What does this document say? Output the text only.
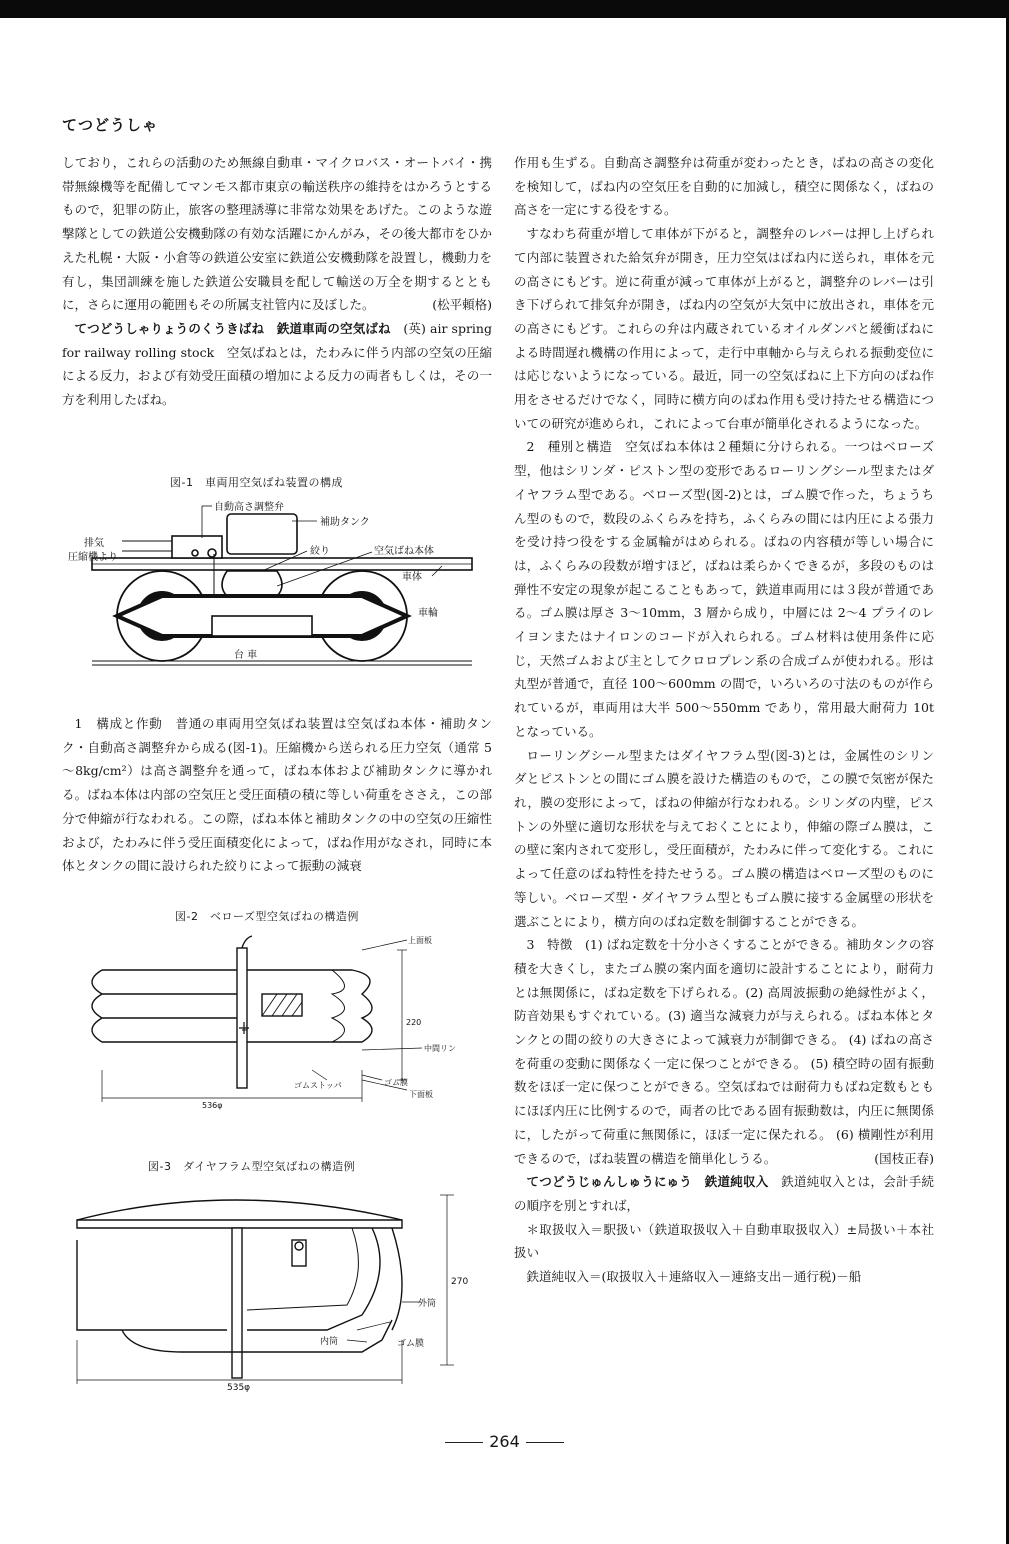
てつどうしゃ

しており，これらの活動のため無線自動車・マイクロバス・オートバイ・携帯無線機等を配備してマンモス都市東京の輸送秩序の維持をはかろうとするもので，犯罪の防止，旅客の整理誘導に非常な効果をあげた。このような遊撃隊としての鉄道公安機動隊の有効な活躍にかんがみ，その後大都市をひかえた札幌・大阪・小倉等の鉄道公安室に鉄道公安機動隊を設置し，機動力を有し，集団訓練を施した鉄道公安職員を配して輸送の万全を期するとともに，さらに運用の範囲もその所属支社管内に及ぼした。	(松平頼格)

てつどうしゃりょうのくうきばね　鉄道車両の空気ばね　 (英) air spring for railway rolling stock　 空気ばねとは，たわみに伴う内部の空気の圧縮による反力，および有効受圧面積の増加による反力の両者もしくは，その一方を利用したばね。

図-1　車両用空気ばね装置の構成
自動高さ調整弁
補助タンク
排気
圧縮機より
絞り	空気ばね本体
車体
車輪
台 車

1　構成と作動　普通の車両用空気ばね装置は空気ばね本体・補助タンク・自動高さ調整弁から成る(図-1)。圧縮機から送られる圧力空気（通常 5～8kg/cm²）は高さ調整弁を通って，ばね本体および補助タンクに導かれる。ばね本体は内部の空気圧と受圧面積の積に等しい荷重をささえ，この部分で伸縮が行なわれる。この際，ばね本体と補助タンクの中の空気の圧縮性および，たわみに伴う受圧面積変化によって，ばね作用がなされ，同時に本体とタンクの間に設けられた絞りによって振動の減衰

図-2　ベローズ型空気ばねの構造例
上面板
中間リン
ゴムストッパ	ゴム膜
下面板
220
536φ
図-3　ダイヤフラム型空気ばねの構造例
外筒
内筒	ゴム膜
270
535φ

作用も生ずる。自動高さ調整弁は荷重が変わったとき，ばねの高さの変化を検知して，ばね内の空気圧を自動的に加減し，積空に関係なく，ばねの高さを一定にする役をする。

すなわち荷重が増して車体が下がると，調整弁のレバーは押し上げられて内部に装置された給気弁が開き，圧力空気はばね内に送られ，車体を元の高さにもどす。逆に荷重が減って車体が上がると，調整弁のレバーは引き下げられて排気弁が開き，ばね内の空気が大気中に放出され，車体を元の高さにもどす。これらの弁は内蔵されているオイルダンパと緩衝ばねによる時間遅れ機構の作用によって，走行中車軸から与えられる振動変位には応じないようになっている。最近，同一の空気ばねに上下方向のばね作用をさせるだけでなく，同時に横方向のばね作用も受け持たせる構造についての研究が進められ，これによって台車が簡単化されるようになった。

2　種別と構造　空気ばね本体は２種類に分けられる。一つはベローズ型，他はシリンダ・ピストン型の変形であるローリングシール型またはダイヤフラム型である。ベローズ型(図-2)とは，ゴム膜で作った，ちょうちん型のもので，数段のふくらみを持ち，ふくらみの間には内圧による張力を受け持つ役をする金属輪がはめられる。ばねの内容積が等しい場合には，ふくらみの段数が増すほど，ばねは柔らかくできるが，多段のものは弾性不安定の現象が起こることもあって，鉄道車両用には３段が普通である。ゴム膜は厚さ 3～10mm，3 層から成り，中層には 2～4 プライのレイヨンまたはナイロンのコードが入れられる。ゴム材料は使用条件に応じ，天然ゴムおよび主としてクロロプレン系の合成ゴムが使われる。形は丸型が普通で，直径 100～600mm の間で，いろいろの寸法のものが作られているが，車両用は大半 500～550mm であり，常用最大耐荷力 10t となっている。

ローリングシール型またはダイヤフラム型(図-3)とは，金属性のシリンダとピストンとの間にゴム膜を設けた構造のもので，この膜で気密が保たれ，膜の変形によって，ばねの伸縮が行なわれる。シリンダの内壁，ピストンの外壁に適切な形状を与えておくことにより，伸縮の際ゴム膜は，この壁に案内されて変形し，受圧面積が，たわみに伴って変化する。これによって任意のばね特性を持たせうる。ゴム膜の構造はベローズ型のものに等しい。ベローズ型・ダイヤフラム型ともゴム膜に接する金属壁の形状を選ぶことにより，横方向のばね定数を制御することができる。

3　特徴　(1) ばね定数を十分小さくすることができる。補助タンクの容積を大きくし，またゴム膜の案内面を適切に設計することにより，耐荷力とは無関係に，ばね定数を下げられる。(2) 高周波振動の絶縁性がよく，防音効果もすぐれている。(3) 適当な減衰力が与えられる。ばね本体とタンクとの間の絞りの大きさによって減衰力が制御できる。 (4) ばねの高さを荷重の変動に関係なく一定に保つことができる。 (5) 積空時の固有振動数をほぼ一定に保つことができる。空気ばねでは耐荷力もばね定数もともにほぼ内圧に比例するので，両者の比である固有振動数は，内圧に無関係に，したがって荷重に無関係に，ほぼ一定に保たれる。 (6) 横剛性が利用できるので，ばね装置の構造を簡単化しうる。	(国枝正春)

てつどうじゅんしゅうにゅう　鉄道純収入　 鉄道純収入とは，会計手続の順序を別とすれば，

＊取扱収入＝駅扱い（鉄道取扱収入＋自動車取扱収入）±局扱い＋本社扱い

鉄道純収入＝(取扱収入＋連絡収入－連絡支出－通行税)－船

264
